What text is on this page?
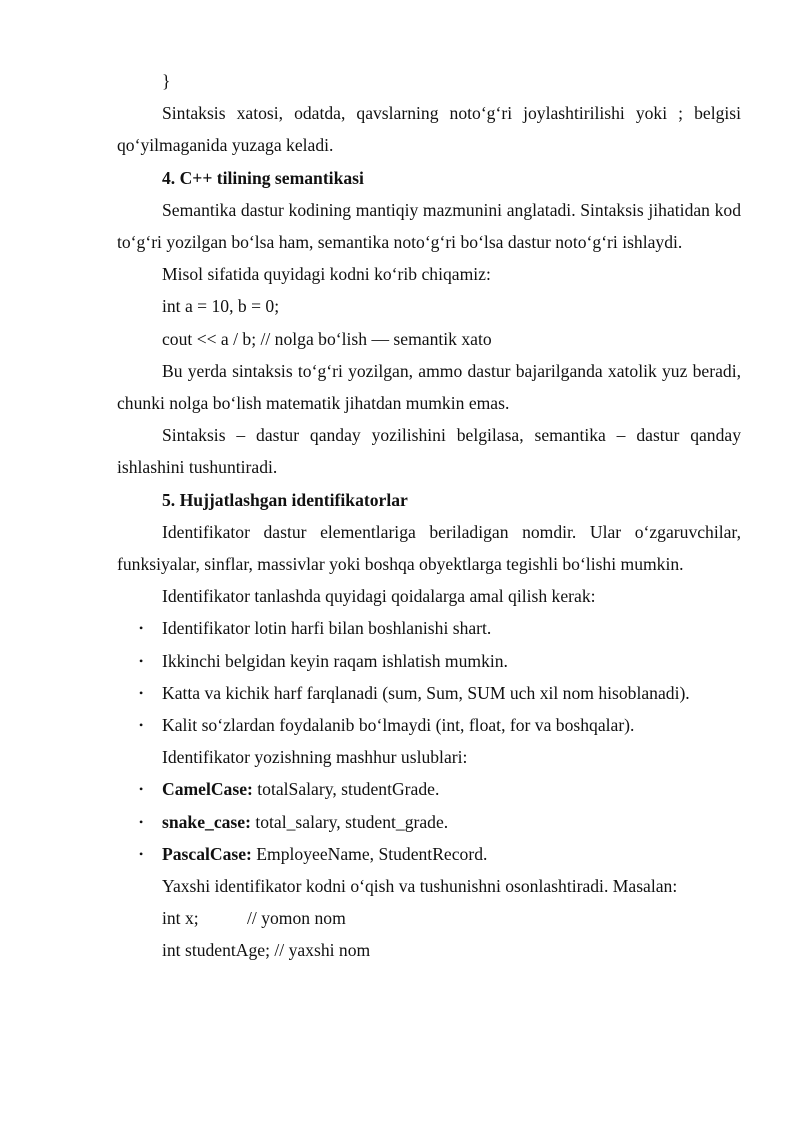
}

Sintaksis xatosi, odatda, qavslarning noto‘g‘ri joylashtirilishi yoki ; belgisi qo‘yilmaganida yuzaga keladi.

4. C++ tilining semantikasi

Semantika dastur kodining mantiqiy mazmunini anglatadi. Sintaksis jihatidan kod to‘g‘ri yozilgan bo‘lsa ham, semantika noto‘g‘ri bo‘lsa dastur noto‘g‘ri ishlaydi.

Misol sifatida quyidagi kodni ko‘rib chiqamiz:

int a = 10, b = 0;

cout << a / b; // nolga bo‘lish — semantik xato

Bu yerda sintaksis to‘g‘ri yozilgan, ammo dastur bajarilganda xatolik yuz beradi, chunki nolga bo‘lish matematik jihatdan mumkin emas.

Sintaksis – dastur qanday yozilishini belgilasa, semantika – dastur qanday ishlashini tushuntiradi.

5. Hujjatlashgan identifikatorlar

Identifikator dastur elementlariga beriladigan nomdir. Ular o‘zgaruvchilar, funksiyalar, sinflar, massivlar yoki boshqa obyektlarga tegishli bo‘lishi mumkin.

Identifikator tanlashda quyidagi qoidalarga amal qilish kerak:

• Identifikator lotin harfi bilan boshlanishi shart.

• Ikkinchi belgidan keyin raqam ishlatish mumkin.

• Katta va kichik harf farqlanadi (sum, Sum, SUM uch xil nom hisoblanadi).

• Kalit so‘zlardan foydalanib bo‘lmaydi (int, float, for va boshqalar).

Identifikator yozishning mashhur uslublari:

• CamelCase: totalSalary, studentGrade.

• snake_case: total_salary, student_grade.

• PascalCase: EmployeeName, StudentRecord.

Yaxshi identifikator kodni o‘qish va tushunishni osonlashtiradi. Masalan:

int x;           // yomon nom

int studentAge; // yaxshi nom
